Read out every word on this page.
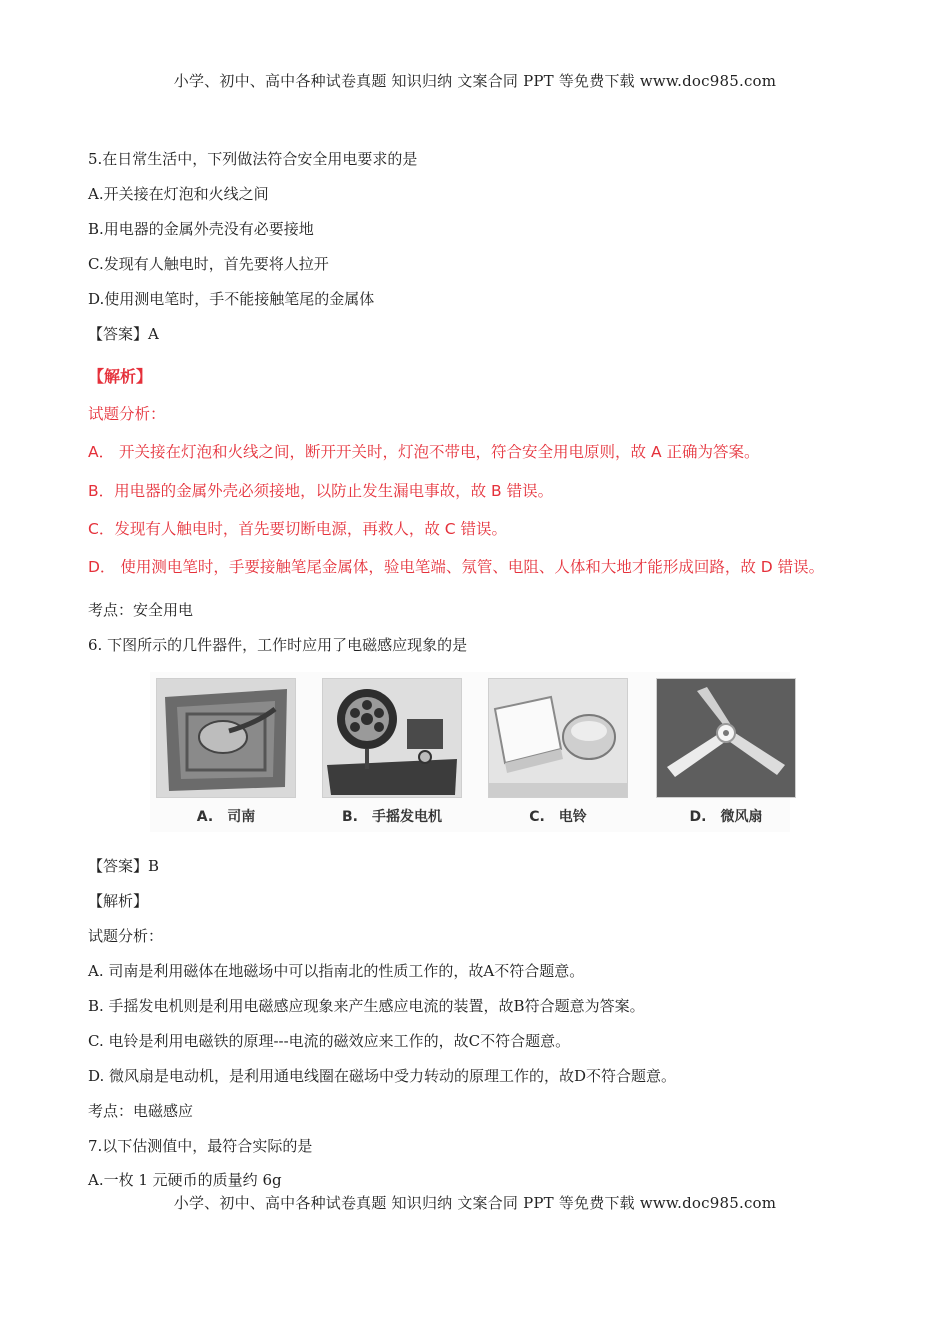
小学、初中、高中各种试卷真题 知识归纳 文案合同 PPT 等免费下载 www.doc985.com
5.在日常生活中，下列做法符合安全用电要求的是
A.开关接在灯泡和火线之间
B.用电器的金属外壳没有必要接地
C.发现有人触电时，首先要将人拉开
D.使用测电笔时，手不能接触笔尾的金属体
【答案】A
【解析】
试题分析：
A． 开关接在灯泡和火线之间，断开开关时，灯泡不带电，符合安全用电原则，故 A 正确为答案。
B．用电器的金属外壳必须接地，以防止发生漏电事故，故 B 错误。
C．发现有人触电时，首先要切断电源，再救人，故 C 错误。
D． 使用测电笔时，手要接触笔尾金属体，验电笔端、氖管、电阻、人体和大地才能形成回路，故 D 错误。
考点：安全用电
6. 下图所示的几件器件，工作时应用了电磁感应现象的是
A. 司南	B. 手摇发电机	C. 电铃	D. 微风扇
【答案】B
【解析】
试题分析：
A. 司南是利用磁体在地磁场中可以指南北的性质工作的，故A不符合题意。
B. 手摇发电机则是利用电磁感应现象来产生感应电流的装置，故B符合题意为答案。
C. 电铃是利用电磁铁的原理---电流的磁效应来工作的，故C不符合题意。
D. 微风扇是电动机，是利用通电线圈在磁场中受力转动的原理工作的，故D不符合题意。
考点：电磁感应
7.以下估测值中，最符合实际的是
A.一枚 1 元硬币的质量约 6g
小学、初中、高中各种试卷真题 知识归纳 文案合同 PPT 等免费下载 www.doc985.com
